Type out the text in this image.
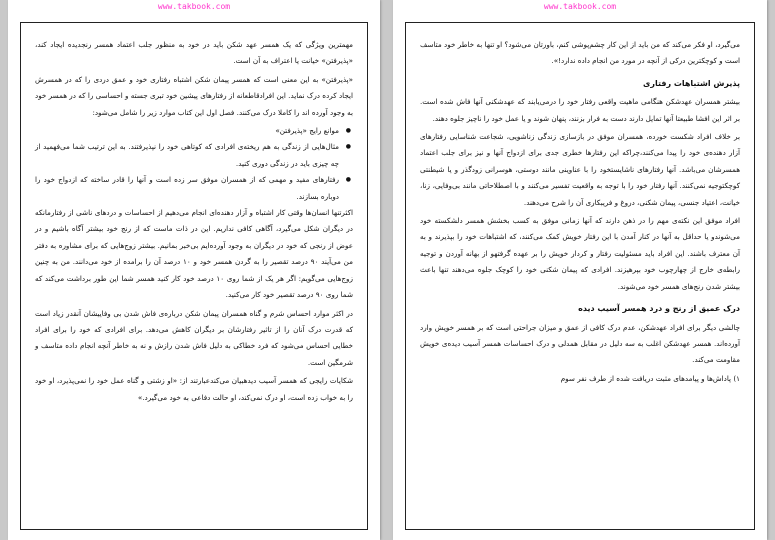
www.takbook.com

مهمترین ویژگی که یک همسر عهد شکن باید در خود به منظور جلب اعتماد همسر رنجدیده ایجاد کند، «پذیرفتن» خیانت یا اعتراف به آن است.

«پذیرفتن» به این معنی است که همسر پیمان شکن اشتباه رفتاری خود و عمق دردی را که در همسرش ایجاد کرده درک نماید. این افرادقاطعانه از رفتارهای پیشین خود تبری جسته و احساسی را که در همسر خود به وجود آورده اند را کاملا درک می‌کنند. فصل اول این کتاب موارد زیر را شامل می‌شود:

● موانع رایج «پذیرفتن»
● مثال‌هایی از زندگی به هم ریخته‌ی افرادی که کوتاهی خود را نپذیرفتند. به این ترتیب شما می‌فهمید از چه چیزی باید در زندگی دوری کنید.
● رفتارهای مفید و مهمی که از همسران موفق سر زده است و آنها را قادر ساخته که ازدواج خود را دوباره بسازند.

اکثرتنها انسان‌ها وقتی کار اشتباه و آزار دهنده‌ای انجام می‌دهیم از احساسات و دردهای ناشی از رفتارمانکه در دیگران شکل می‌گیرد، آگاهی کافی نداریم. این در ذات ماست که از رنج خود بیشتر آگاه باشیم و در عوض از رنجی که خود در دیگران به وجود آورده‌ایم بی‌خبر بمانیم. بیشتر زوج‌هایی که برای مشاوره به دفتر من می‌آیند ۹۰ درصد تقصیر را به گردن همسر خود و ۱۰ درصد آن را برامده از خود می‌دانند. من به چنین زوج‌هایی می‌گویم: اگر هر یک از شما روی ۱۰ درصد خود کار کنید همسر شما این طور برداشت می‌کند که شما روی ۹۰ درصد تقصیر خود کار می‌کنید.

در اکثر موارد احساس شرم و گناه همسران پیمان شکن درباره‌ی فاش شدن بی وفاییشان آنقدر زیاد است که قدرت درک آنان را از تاثیر رفتارشان بر دیگران کاهش می‌دهد. برای افرادی که خود را برای افراد خطایی احساس می‌شود که فرد خطاکی به دلیل فاش شدن رازش و نه به خاطر آنچه انجام داده متاسف و شرمگین است.

شکایات رایجی که همسر آسیب دیدهبیان می‌کندعبارتند از: «او زشتی و گناه عمل خود را نمی‌پذیرد، او خود را به خواب زده است، او درک نمی‌کند، او حالت دفاعی به خود می‌گیرد.»

www.takbook.com

می‌گیرد، او فکر می‌کند که من باید از این کار چشم‌پوشی کنم، باورتان می‌شود؟ او تنها به خاطر خود متاسف است و کوچکترین درکی از آنچه در مورد من انجام داده ندارد!».

پذیرش اشتباهات رفتاری

بیشتر همسران عهدشکن هنگامی ماهیت واقعی رفتار خود را درمی‌یابند که عهدشکنی آنها فاش شده است. بر اثر این افشا طبیعتا آنها تمایل دارند دست به فرار بزنند، پنهان شوند و یا عمل خود را ناچیز جلوه دهند.

بر خلاف افراد شکست خورده، همسران موفق در بازسازی زندگی زناشویی، شجاعت شناسایی رفتارهای آزار دهنده‌ی خود را پیدا می‌کنند،چراکه این رفتارها خطری جدی برای ازدواج آنها و نیز برای جلب اعتماد همسرشان می‌باشد. آنها رفتارهای ناشایستخود را با عناوینی مانند دوستی، هوسرانی زودگذر و یا شیطنتی کوچکتوجیه نمی‌کنند. آنها رفتار خود را با توجه به واقعیت تفسیر می‌کنند و با اصطلاحاتی مانند بی‌وفایی، زنا، خیانت، اعتیاد جنسی، پیمان شکنی، دروغ و فریبکاری آن را شرح می‌دهند.

افراد موفق این نکته‌ی مهم را در ذهن دارند که آنها زمانی موفق به کسب بخشش همسر دلشکسته خود می‌شوندو یا حداقل به آنها در کنار آمدن با این رفتار خویش کمک می‌کنند، که اشتباهات خود را بپذیرند و به آن معترف باشند. این افراد باید مسئولیت رفتار و کردار خویش را بر عهده گرفتهو از بهانه آوردن و توجیه رابطه‌ی خارج از چهارچوب خود بپرهیزند. افرادی که پیمان شکنی خود را کوچک جلوه می‌دهند تنها باعث بیشتر شدن رنج‌های همسر خود می‌شوند.

درک عمیق از رنج و درد همسر آسیب دیده

چالشی دیگر برای افراد عهدشکن، عدم درک کافی از عمق و میزان جراحتی است که بر همسر خویش وارد آورده‌اند. همسر عهدشکن اغلب به سه دلیل در مقابل همدلی و درک احساسات همسر آسیب دیده‌ی خویش مقاومت می‌کند.

۱) پاداش‌ها و پیامدهای مثبت دریافت شده از طرف نفر سوم
